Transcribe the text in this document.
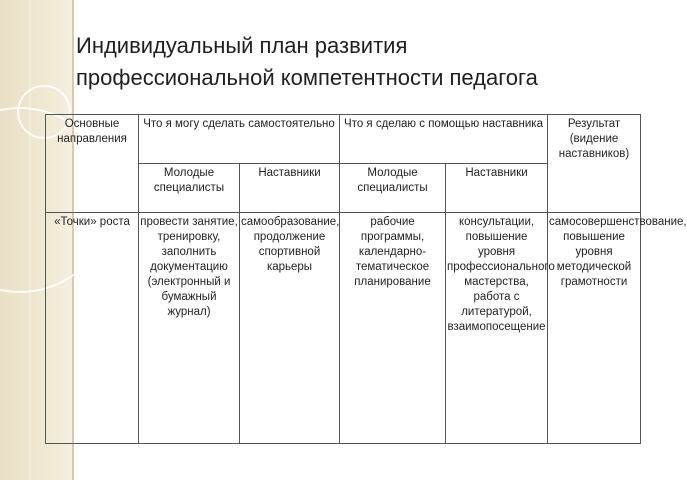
Индивидуальный план развития
профессиональной компетентности педагога
Основные направления	Что я могу сделать самостоятельно		Что я сделаю с помощью наставника		Результат (видение наставников)

	Молодые специалисты	Наставники	Молодые специалисты	Наставники	

«Точки» роста	провести занятие, тренировку, заполнить документацию (электронный и бумажный журнал)	самообразование, продолжение спортивной карьеры	рабочие программы, календарно-тематическое планирование	консультации, повышение уровня профессионального мастерства, работа с литературой, взаимопосещение	самосовершенствование, повышение уровня методической грамотности
